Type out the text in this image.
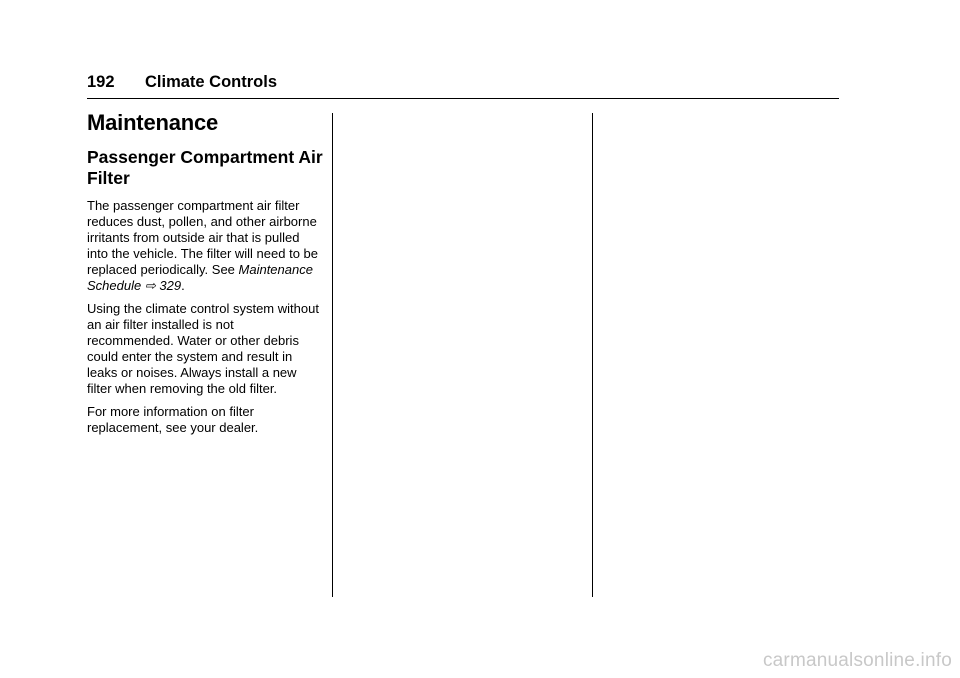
192 Climate Controls
Maintenance
Passenger Compartment Air Filter

The passenger compartment air filter reduces dust, pollen, and other airborne irritants from outside air that is pulled into the vehicle. The filter will need to be replaced periodically. See Maintenance Schedule ⇨ 329.

Using the climate control system without an air filter installed is not recommended. Water or other debris could enter the system and result in leaks or noises. Always install a new filter when removing the old filter.

For more information on filter replacement, see your dealer.

carmanualsonline.info
